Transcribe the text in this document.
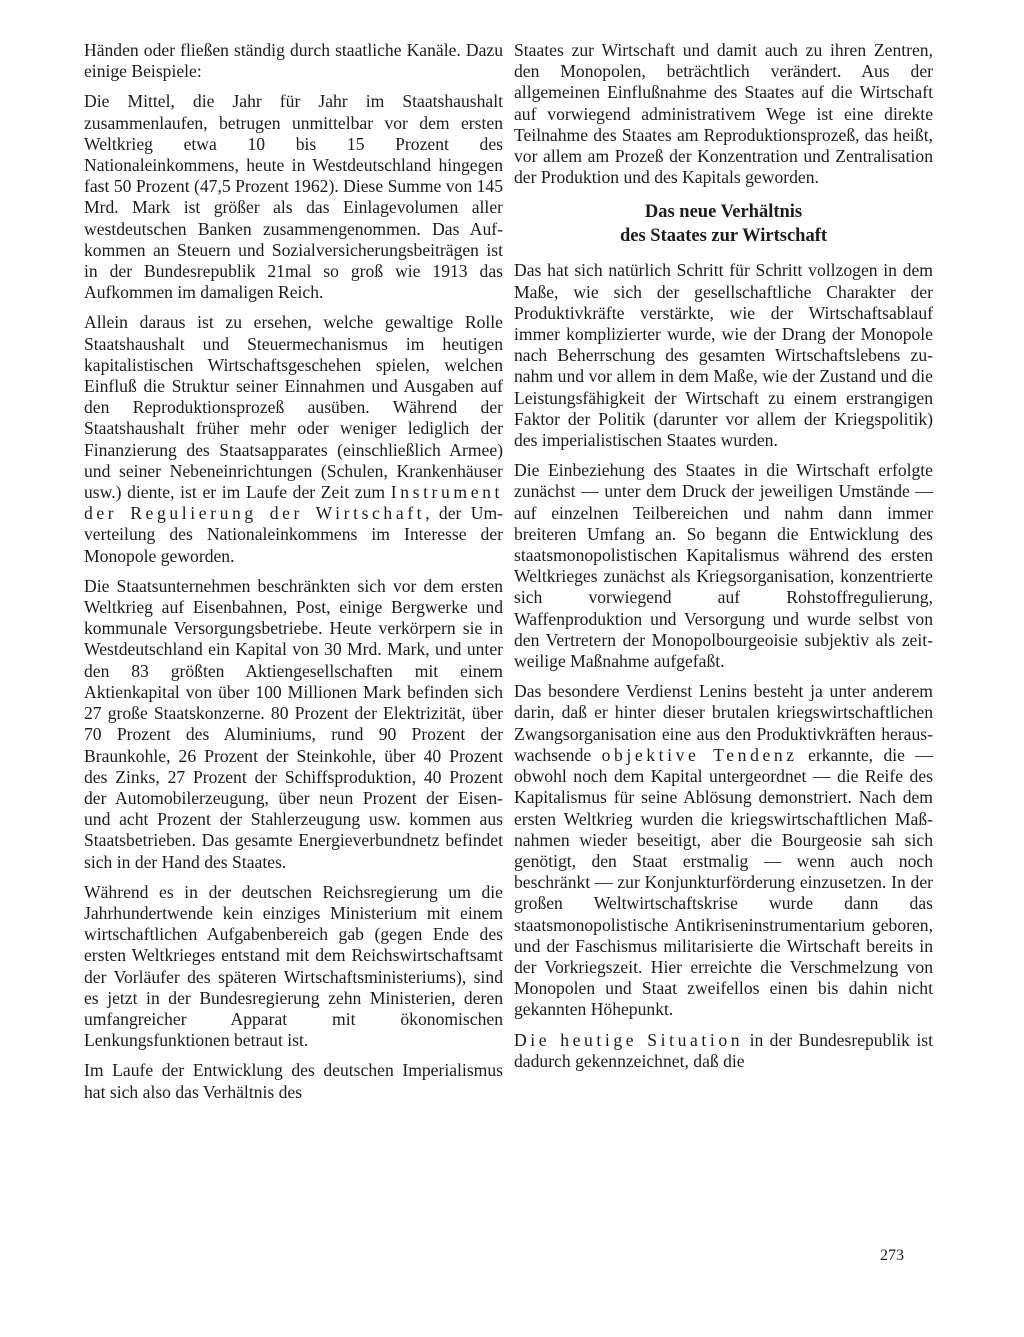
Händen oder fließen ständig durch staatliche Kanäle. Dazu einige Beispiele:

Die Mittel, die Jahr für Jahr im Staatshaushalt zusammenlaufen, betrugen unmittelbar vor dem ersten Weltkrieg etwa 10 bis 15 Prozent des Nationaleinkommens, heute in Westdeutschland hingegen fast 50 Prozent (47,5 Prozent 1962). Diese Summe von 145 Mrd. Mark ist größer als das Einlagevolumen aller westdeutschen Banken zusammengenommen. Das Aufkommen an Steuern und Sozialversicherungsbeiträgen ist in der Bundesrepublik 21mal so groß wie 1913 das Aufkommen im damaligen Reich.

Allein daraus ist zu ersehen, welche gewaltige Rolle Staatshaushalt und Steuermechanismus im heutigen kapitalistischen Wirtschaftsgeschehen spielen, welchen Einfluß die Struktur seiner Einnahmen und Ausgaben auf den Reproduktionsprozeß ausüben. Während der Staatshaushalt früher mehr oder weniger lediglich der Finanzierung des Staatsapparates (einschließlich Armee) und seiner Nebeneinrichtungen (Schulen, Krankenhäuser usw.) diente, ist er im Laufe der Zeit zum Instrument der Regulierung der Wirtschaft, der Umverteilung des Nationaleinkommens im Interesse der Monopole geworden.

Die Staatsunternehmen beschränkten sich vor dem ersten Weltkrieg auf Eisenbahnen, Post, einige Bergwerke und kommunale Versorgungsbetriebe. Heute verkörpern sie in Westdeutschland ein Kapital von 30 Mrd. Mark, und unter den 83 größten Aktiengesellschaften mit einem Aktienkapital von über 100 Millionen Mark befinden sich 27 große Staatskonzerne. 80 Prozent der Elektrizität, über 70 Prozent des Aluminiums, rund 90 Prozent der Braunkohle, 26 Prozent der Steinkohle, über 40 Prozent des Zinks, 27 Prozent der Schiffsproduktion, 40 Prozent der Automobilerzeugung, über neun Prozent der Eisen- und acht Prozent der Stahlerzeugung usw. kommen aus Staatsbetrieben. Das gesamte Energieverbundnetz befindet sich in der Hand des Staates.

Während es in der deutschen Reichsregierung um die Jahrhundertwende kein einziges Ministerium mit einem wirtschaftlichen Aufgabenbereich gab (gegen Ende des ersten Weltkrieges entstand mit dem Reichswirtschaftsamt der Vorläufer des späteren Wirtschaftsministeriums), sind es jetzt in der Bundesregierung zehn Ministerien, deren umfangreicher Apparat mit ökonomischen Lenkungsfunktionen betraut ist.

Im Laufe der Entwicklung des deutschen Imperialismus hat sich also das Verhältnis des

Staates zur Wirtschaft und damit auch zu ihren Zentren, den Monopolen, beträchtlich verändert. Aus der allgemeinen Einflußnahme des Staates auf die Wirtschaft auf vorwiegend administrativem Wege ist eine direkte Teilnahme des Staates am Reproduktionsprozeß, das heißt, vor allem am Prozeß der Konzentration und Zentralisation der Produktion und des Kapitals geworden.

Das neue Verhältnis
des Staates zur Wirtschaft

Das hat sich natürlich Schritt für Schritt vollzogen in dem Maße, wie sich der gesellschaftliche Charakter der Produktivkräfte verstärkte, wie der Wirtschaftsablauf immer komplizierter wurde, wie der Drang der Monopole nach Beherrschung des gesamten Wirtschaftslebens zunahm und vor allem in dem Maße, wie der Zustand und die Leistungsfähigkeit der Wirtschaft zu einem erstrangigen Faktor der Politik (darunter vor allem der Kriegspolitik) des imperialistischen Staates wurden.

Die Einbeziehung des Staates in die Wirtschaft erfolgte zunächst — unter dem Druck der jeweiligen Umstände — auf einzelnen Teilbereichen und nahm dann immer breiteren Umfang an. So begann die Entwicklung des staatsmonopolistischen Kapitalismus während des ersten Weltkrieges zunächst als Kriegsorganisation, konzentrierte sich vorwiegend auf Rohstoffregulierung, Waffenproduktion und Versorgung und wurde selbst von den Vertretern der Monopolbourgeoisie subjektiv als zeitweilige Maßnahme aufgefaßt.

Das besondere Verdienst Lenins besteht ja unter anderem darin, daß er hinter dieser brutalen kriegswirtschaftlichen Zwangsorganisation eine aus den Produktivkräften herauswachsende objektive Tendenz erkannte, die — obwohl noch dem Kapital untergeordnet — die Reife des Kapitalismus für seine Ablösung demonstriert. Nach dem ersten Weltkrieg wurden die kriegswirtschaftlichen Maßnahmen wieder beseitigt, aber die Bourgeosie sah sich genötigt, den Staat erstmalig — wenn auch noch beschränkt — zur Konjunkturförderung einzusetzen. In der großen Weltwirtschaftskrise wurde dann das staatsmonopolistische Antikriseninstrumentarium geboren, und der Faschismus militarisierte die Wirtschaft bereits in der Vorkriegszeit. Hier erreichte die Verschmelzung von Monopolen und Staat zweifellos einen bis dahin nicht gekannten Höhepunkt.

Die heutige Situation in der Bundesrepublik ist dadurch gekennzeichnet, daß die

273
